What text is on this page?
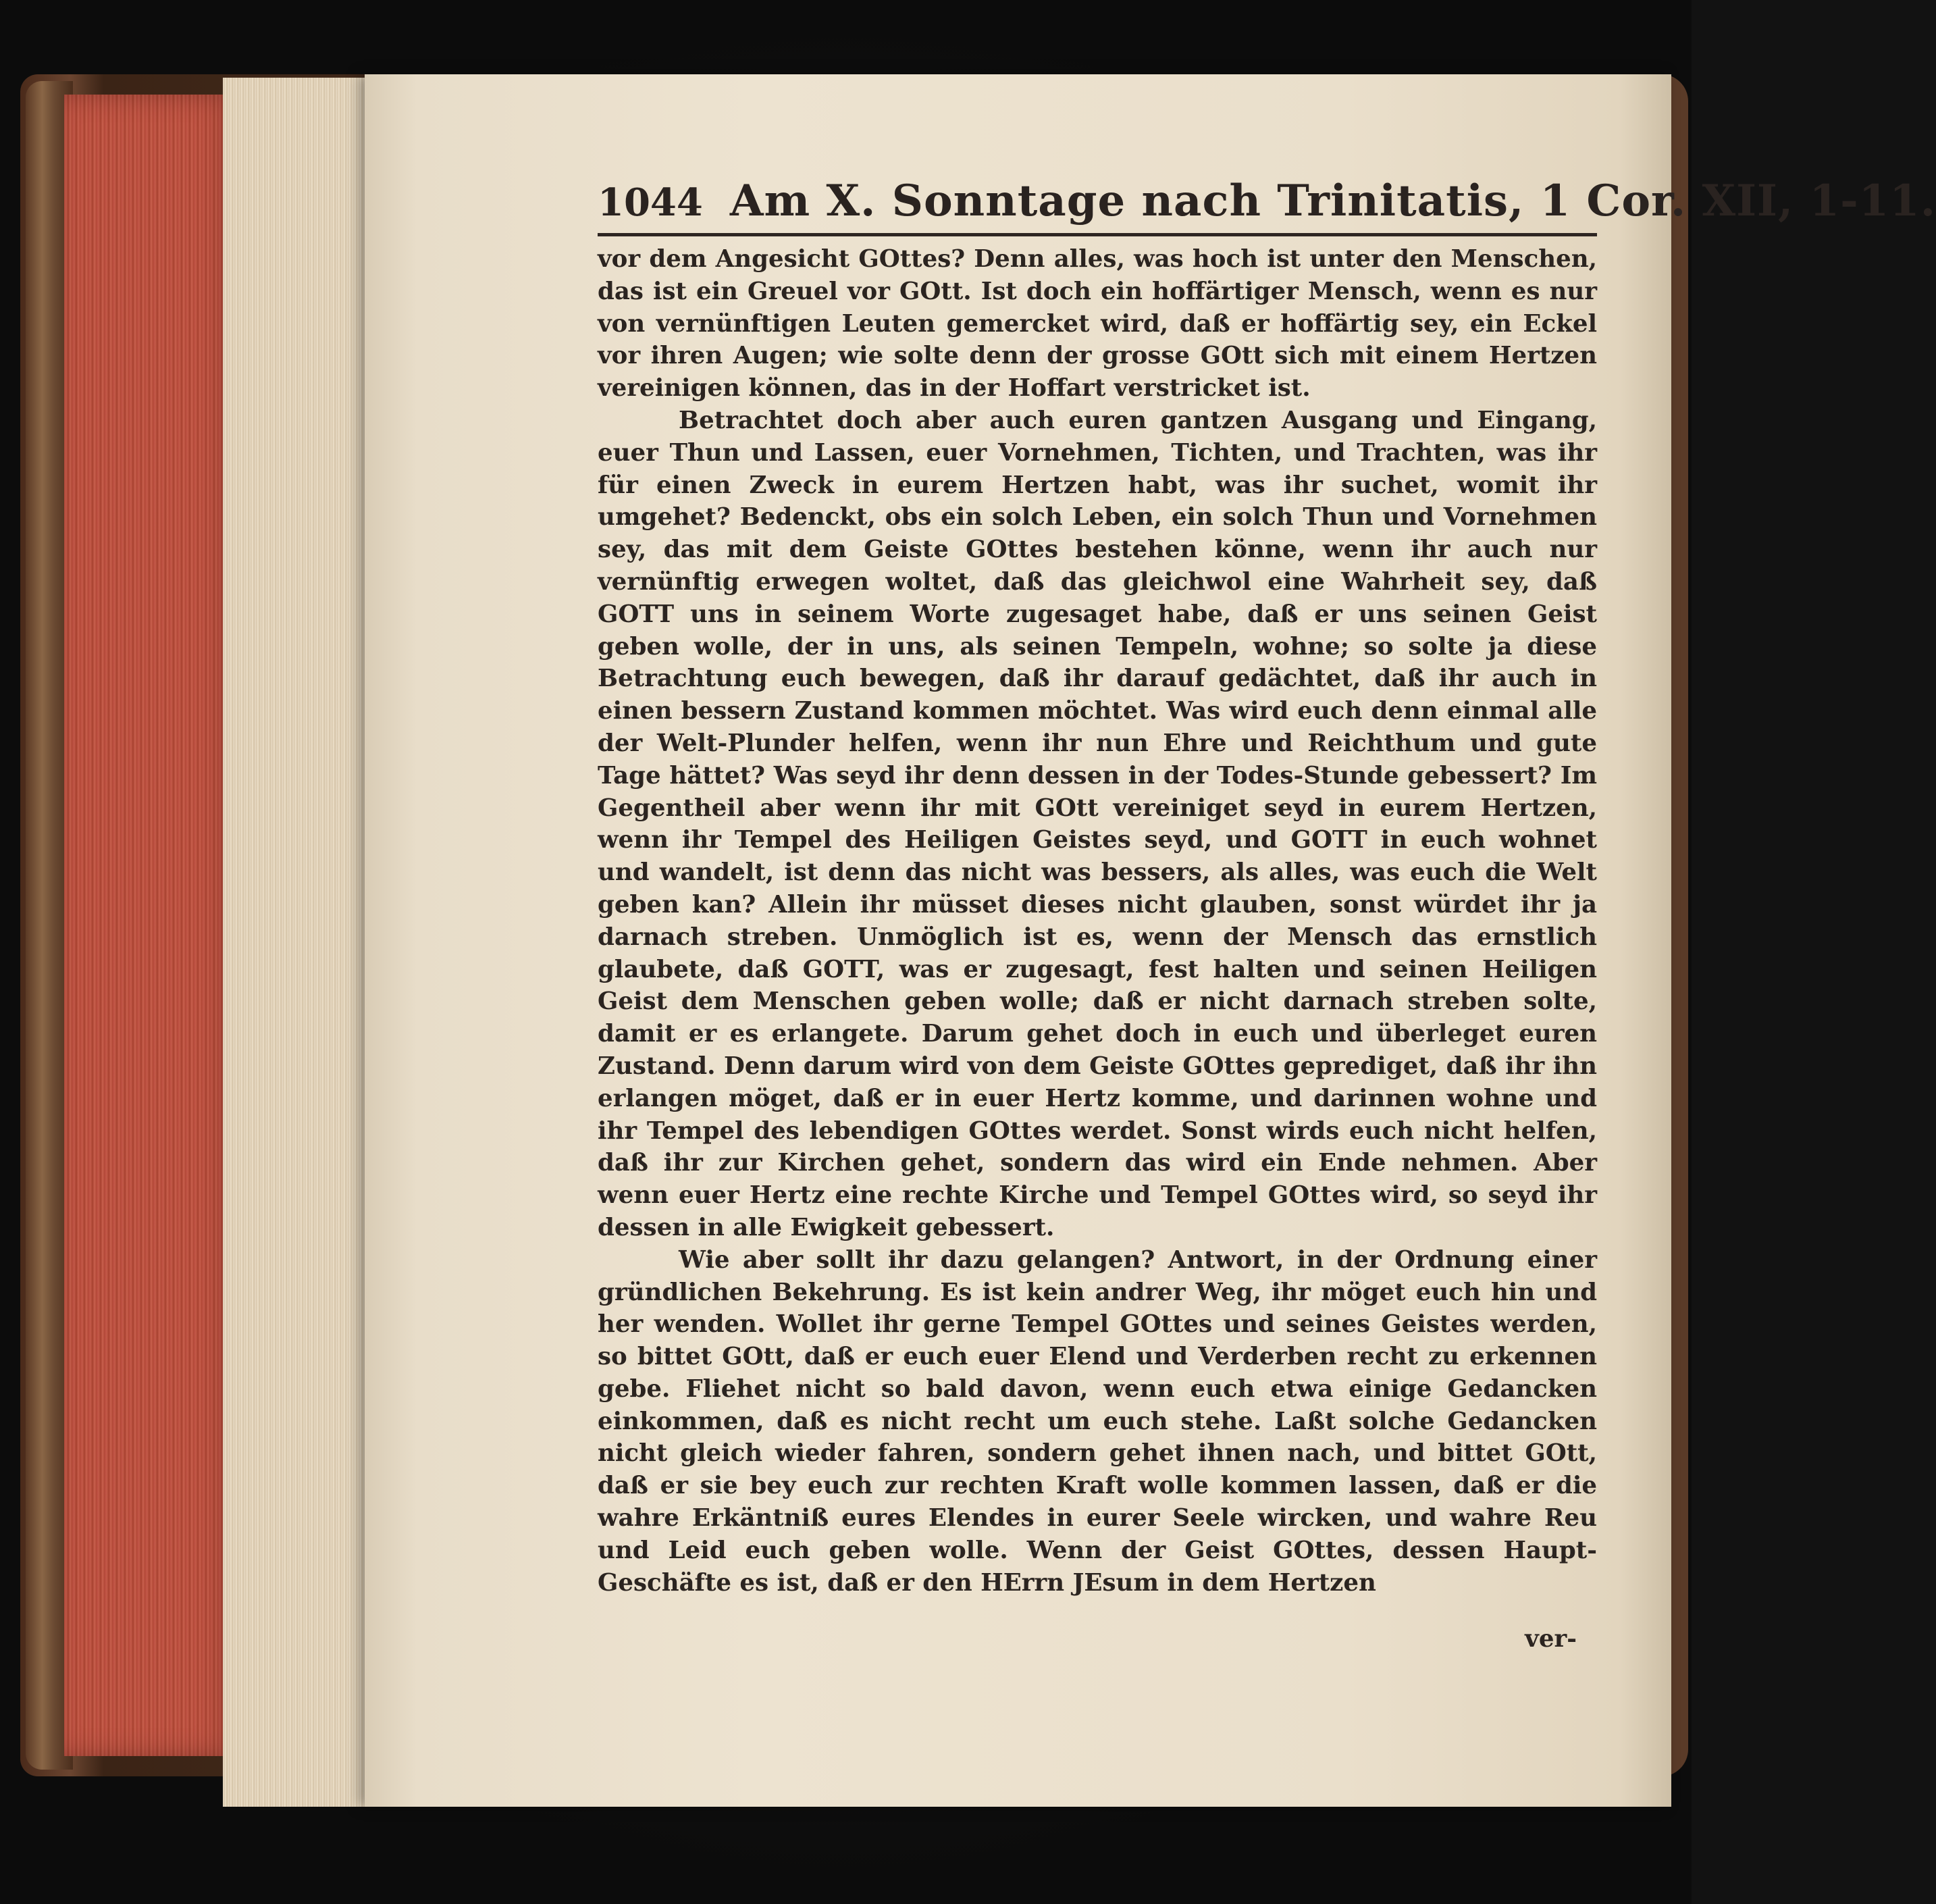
1044 Am X. Sonntage nach Trinitatis, 1 Cor. XII, 1-11.

vor dem Angesicht GOttes? Denn alles, was hoch ist unter den Menschen, das ist ein Greuel vor GOtt. Ist doch ein hoffärtiger Mensch, wenn es nur von vernünftigen Leuten gemercket wird, daß er hoffärtig sey, ein Eckel vor ihren Augen; wie solte denn der grosse GOtt sich mit einem Hertzen vereinigen können, das in der Hoffart verstricket ist.

Betrachtet doch aber auch euren gantzen Ausgang und Eingang, euer Thun und Lassen, euer Vornehmen, Tichten, und Trachten, was ihr für einen Zweck in eurem Hertzen habt, was ihr suchet, womit ihr umgehet? Bedenckt, obs ein solch Leben, ein solch Thun und Vornehmen sey, das mit dem Geiste GOttes bestehen könne, wenn ihr auch nur vernünftig erwegen woltet, daß das gleichwol eine Wahrheit sey, daß GOTT uns in seinem Worte zugesaget habe, daß er uns seinen Geist geben wolle, der in uns, als seinen Tempeln, wohne; so solte ja diese Betrachtung euch bewegen, daß ihr darauf gedächtet, daß ihr auch in einen bessern Zustand kommen möchtet. Was wird euch denn einmal alle der Welt-Plunder helfen, wenn ihr nun Ehre und Reichthum und gute Tage hättet? Was seyd ihr denn dessen in der Todes-Stunde gebessert? Im Gegentheil aber wenn ihr mit GOtt vereiniget seyd in eurem Hertzen, wenn ihr Tempel des Heiligen Geistes seyd, und GOTT in euch wohnet und wandelt, ist denn das nicht was bessers, als alles, was euch die Welt geben kan? Allein ihr müsset dieses nicht glauben, sonst würdet ihr ja darnach streben. Unmöglich ist es, wenn der Mensch das ernstlich glaubete, daß GOTT, was er zugesagt, fest halten und seinen Heiligen Geist dem Menschen geben wolle; daß er nicht darnach streben solte, damit er es erlangete. Darum gehet doch in euch und überleget euren Zustand. Denn darum wird von dem Geiste GOttes geprediget, daß ihr ihn erlangen möget, daß er in euer Hertz komme, und darinnen wohne und ihr Tempel des lebendigen GOttes werdet. Sonst wirds euch nicht helfen, daß ihr zur Kirchen gehet, sondern das wird ein Ende nehmen. Aber wenn euer Hertz eine rechte Kirche und Tempel GOttes wird, so seyd ihr dessen in alle Ewigkeit gebessert.

Wie aber sollt ihr dazu gelangen? Antwort, in der Ordnung einer gründlichen Bekehrung. Es ist kein andrer Weg, ihr möget euch hin und her wenden. Wollet ihr gerne Tempel GOttes und seines Geistes werden, so bittet GOtt, daß er euch euer Elend und Verderben recht zu erkennen gebe. Fliehet nicht so bald davon, wenn euch etwa einige Gedancken einkommen, daß es nicht recht um euch stehe. Laßt solche Gedancken nicht gleich wieder fahren, sondern gehet ihnen nach, und bittet GOtt, daß er sie bey euch zur rechten Kraft wolle kommen lassen, daß er die wahre Erkäntniß eures Elendes in eurer Seele wircken, und wahre Reu und Leid euch geben wolle. Wenn der Geist GOttes, dessen Haupt-Geschäfte es ist, daß er den HErrn JEsum in dem Hertzen

ver-
